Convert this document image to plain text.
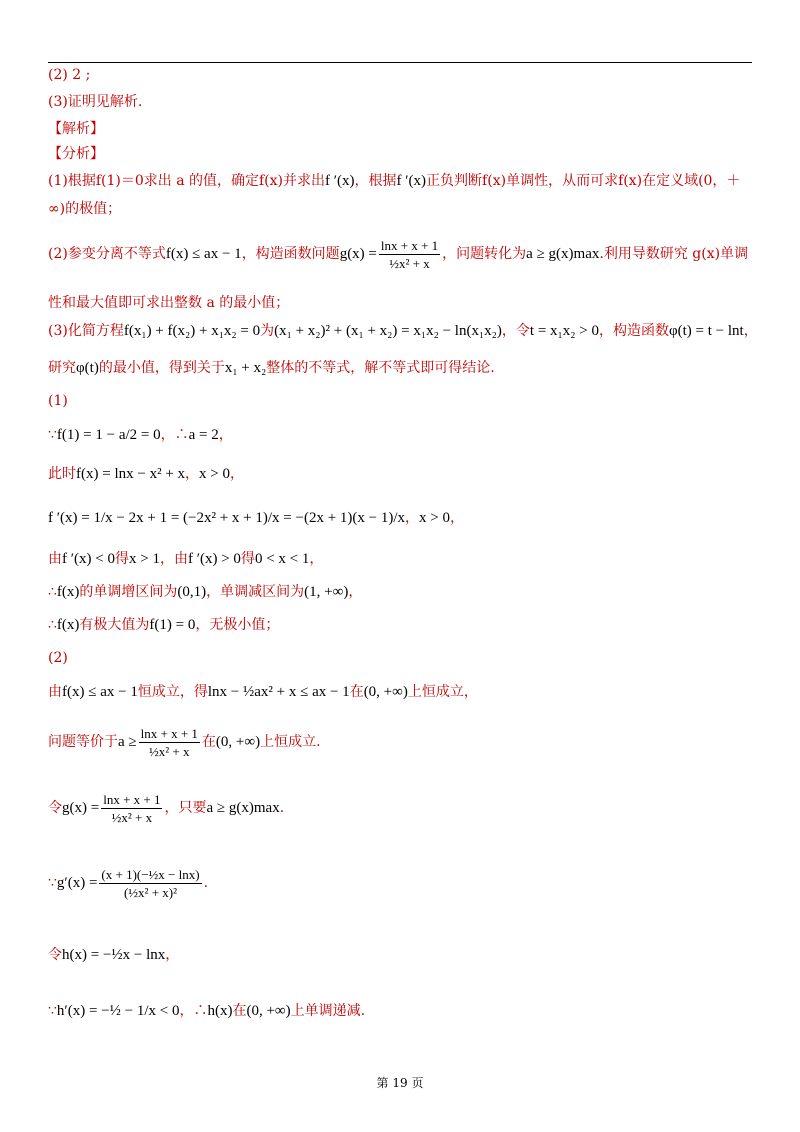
(2) 2 ;
(3)证明见解析.
【解析】
【分析】
(1)根据f(1)＝0求出 a 的值，确定f(x)并求出f ′(x)，根据f ′(x)正负判断f(x)单调性，从而可求f(x)在定义域(0，＋
∞)的极值；
(2)参变分离不等式f(x) ≤ ax − 1，构造函数问题$g(x) = \frac{\ln x + x + 1}{\text{½x² + x}}$ ，问题转化为a ≥ g(x)max.利用导数研究 g(x)单调
性和最大值即可求出整数 a 的最小值；
(3)化简方程f(x₁) + f(x₂) + x₁x₂ = 0为(x₁ + x₂)² + (x₁ + x₂) = x₁x₂ − ln(x₁x₂)，令t = x₁x₂ > 0，构造函数φ(t) = t − lnt，
研究φ(t)的最小值，得到关于x₁ + x₂整体的不等式，解不等式即可得结论.
(1)
∵f(1) = 1 − a/2 = 0，∴a = 2，
此时f(x) = lnx − x² + x，x > 0，
f ′(x) = 1/x − 2x + 1 = (−2x² + x + 1)/x = −(2x + 1)(x − 1)/x，x > 0，
由f ′(x) < 0得x > 1，由f ′(x) > 0得0 < x < 1，
∴f(x)的单调增区间为(0,1)，单调减区间为(1, +∞)，
∴f(x)有极大值为f(1) = 0，无极小值；
(2)
由f(x) ≤ ax − 1恒成立，得lnx − ½ax² + x ≤ ax − 1在(0, +∞)上恒成立，
问题等价于$a \ge \frac{\ln x + x + 1}{\text{½x² + x}}$ 在(0, +∞)上恒成立.
令$g(x) = \frac{\ln x + x + 1}{\text{½x² + x}}$ ，只要a ≥ g(x)max.
∵g′(x) = $\frac{\text{(x + 1)(−½x − lnx)}}{\text{(½x² + x)²}}$ .
令h(x) = −½x − lnx，
∵h′(x) = −½ − 1/x < 0，∴h(x)在(0, +∞)上单调递减.
第 19 页
